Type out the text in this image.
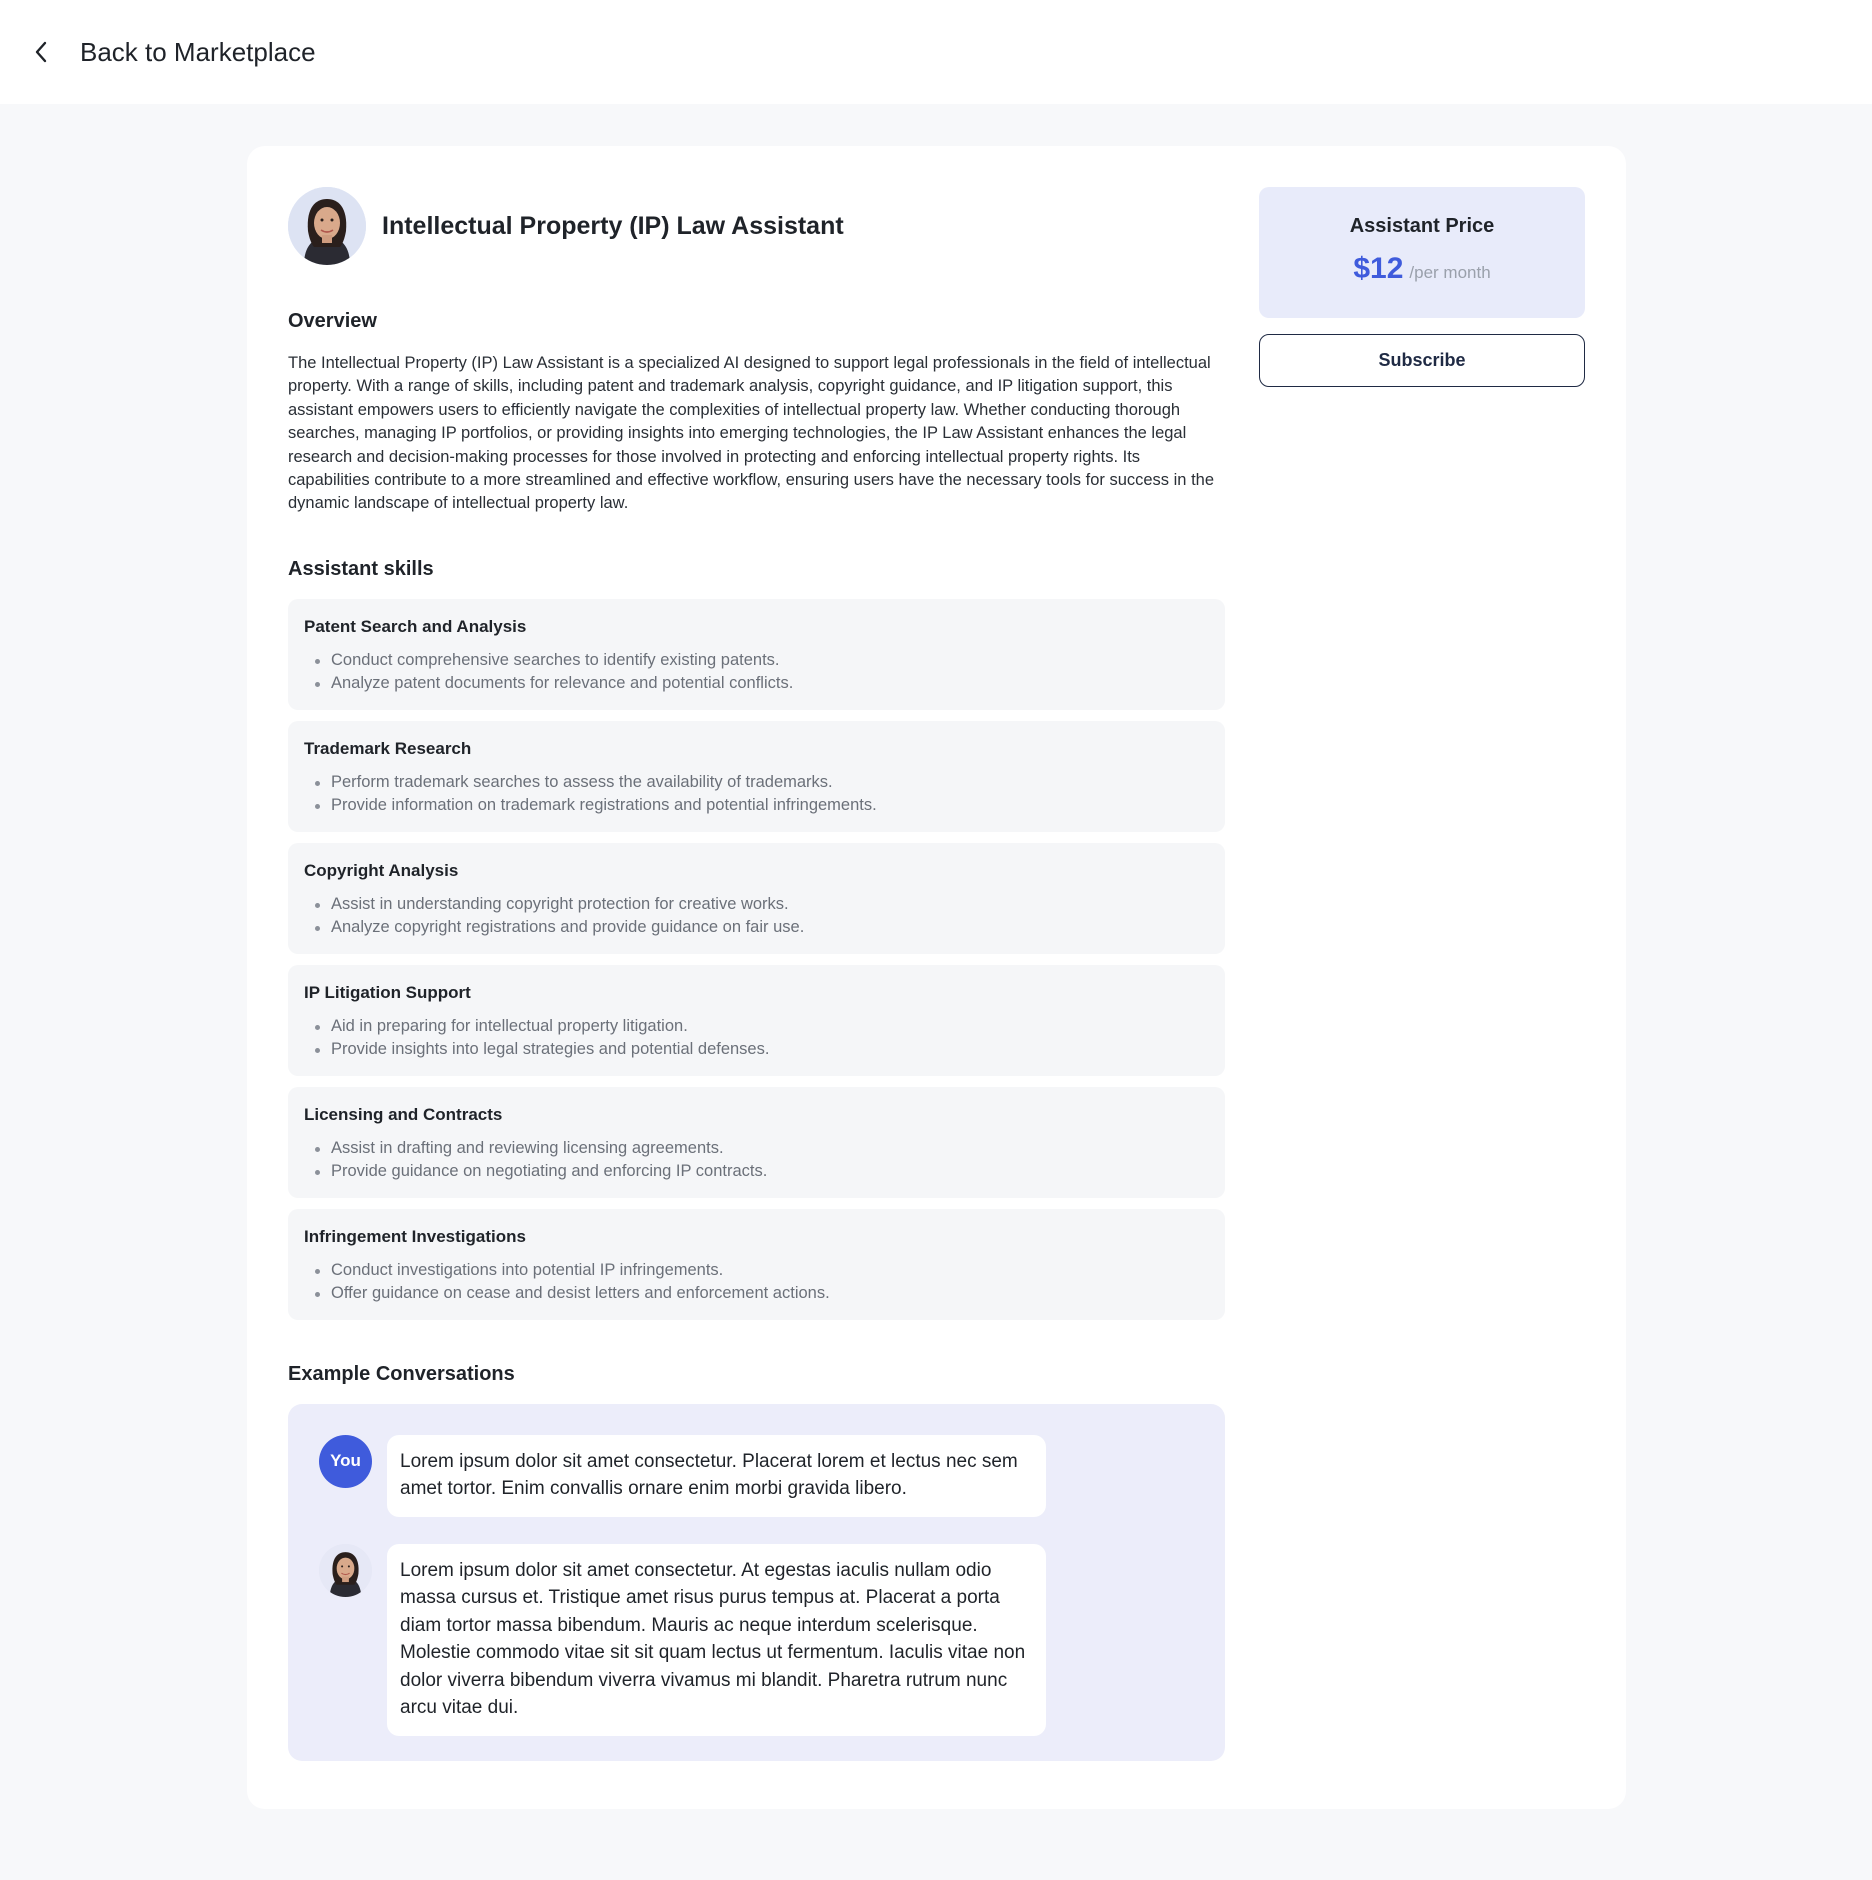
Back to Marketplace
Intellectual Property (IP) Law Assistant
Overview

The Intellectual Property (IP) Law Assistant is a specialized AI designed to support legal professionals in the field of intellectual property. With a range of skills, including patent and trademark analysis, copyright guidance, and IP litigation support, this assistant empowers users to efficiently navigate the complexities of intellectual property law. Whether conducting thorough searches, managing IP portfolios, or providing insights into emerging technologies, the IP Law Assistant enhances the legal research and decision-making processes for those involved in protecting and enforcing intellectual property rights. Its capabilities contribute to a more streamlined and effective workflow, ensuring users have the necessary tools for success in the dynamic landscape of intellectual property law.

Assistant skills
Patent Search and Analysis
Conduct comprehensive searches to identify existing patents.
Analyze patent documents for relevance and potential conflicts.
Trademark Research
Perform trademark searches to assess the availability of trademarks.
Provide information on trademark registrations and potential infringements.
Copyright Analysis
Assist in understanding copyright protection for creative works.
Analyze copyright registrations and provide guidance on fair use.
IP Litigation Support
Aid in preparing for intellectual property litigation.
Provide insights into legal strategies and potential defenses.
Licensing and Contracts
Assist in drafting and reviewing licensing agreements.
Provide guidance on negotiating and enforcing IP contracts.
Infringement Investigations
Conduct investigations into potential IP infringements.
Offer guidance on cease and desist letters and enforcement actions.
Example Conversations
You	Lorem ipsum dolor sit amet consectetur. Placerat lorem et lectus nec sem amet tortor. Enim convallis ornare enim morbi gravida libero.
Lorem ipsum dolor sit amet consectetur. At egestas iaculis nullam odio massa cursus et. Tristique amet risus purus tempus at. Placerat a porta diam tortor massa bibendum. Mauris ac neque interdum scelerisque. Molestie commodo vitae sit sit quam lectus ut fermentum. Iaculis vitae non dolor viverra bibendum viverra vivamus mi blandit. Pharetra rutrum nunc arcu vitae dui.
Assistant Price
$12 /per month
Subscribe
